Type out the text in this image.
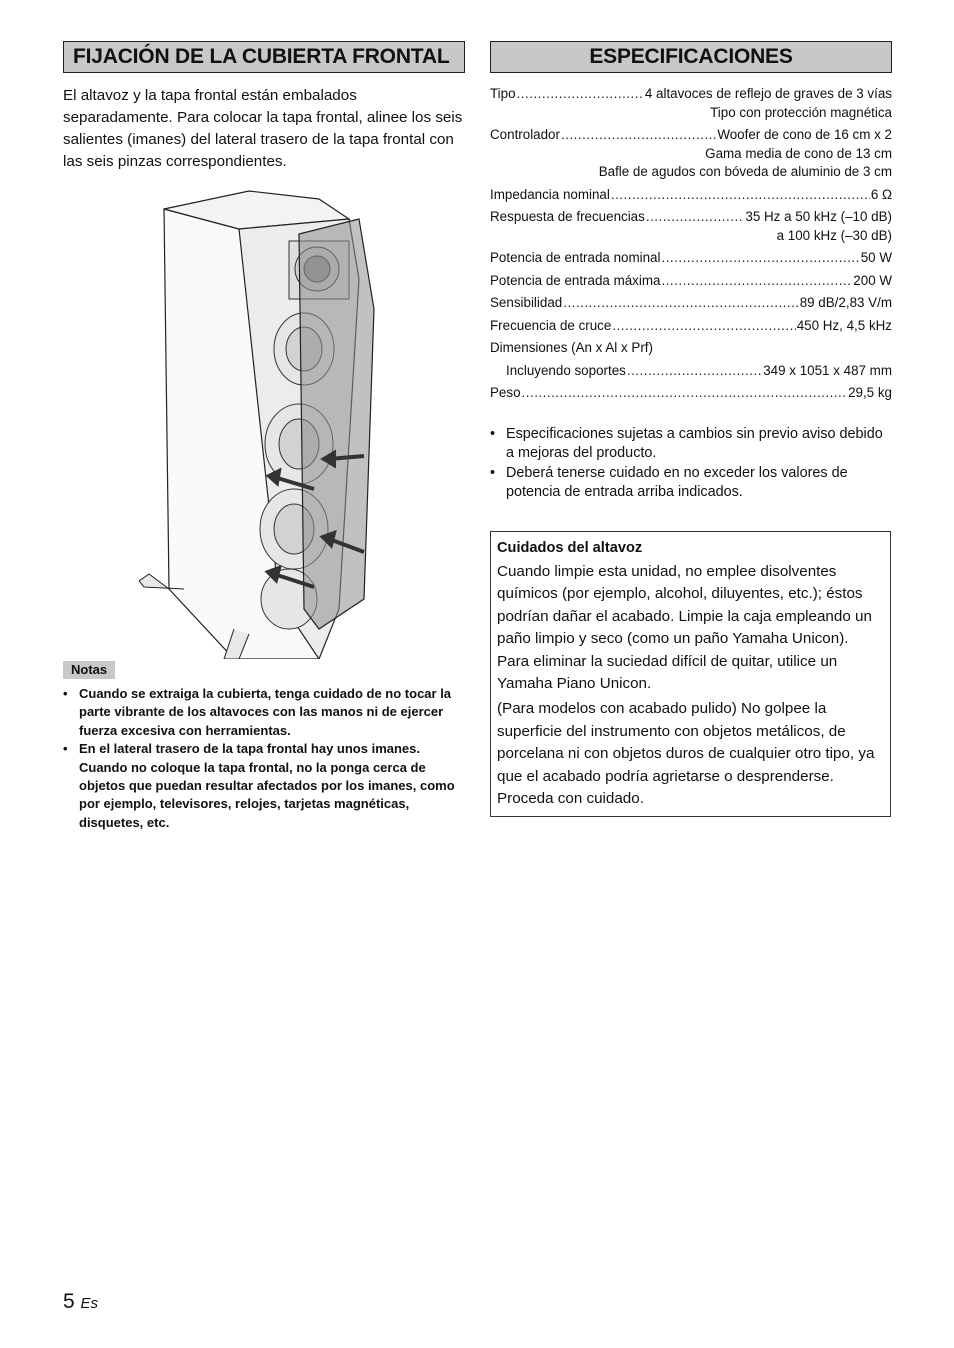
FIJACIÓN DE LA CUBIERTA FRONTAL
El altavoz y la tapa frontal están embalados separadamente. Para colocar la tapa frontal, alinee los seis salientes (imanes) del lateral trasero de la tapa frontal con las seis pinzas correspondientes.
Notas
• Cuando se extraiga la cubierta, tenga cuidado de no tocar la parte vibrante de los altavoces con las manos ni de ejercer fuerza excesiva con herramientas.
• En el lateral trasero de la tapa frontal hay unos imanes. Cuando no coloque la tapa frontal, no la ponga cerca de objetos que puedan resultar afectados por los imanes, como por ejemplo, televisores, relojes, tarjetas magnéticas, disquetes, etc.
ESPECIFICACIONES
Tipo .....	4 altavoces de reflejo de graves de 3 vías
Tipo con protección magnética
Controlador .....	Woofer de cono de 16 cm x 2
Gama media de cono de 13 cm
Bafle de agudos con bóveda de aluminio de 3 cm
Impedancia nominal .....	6 Ω
Respuesta de frecuencias .....	35 Hz a 50 kHz (–10 dB)
a 100 kHz (–30 dB)
Potencia de entrada nominal .....	50 W
Potencia de entrada máxima .....	200 W
Sensibilidad .....	89 dB/2,83 V/m
Frecuencia de cruce .....	450 Hz, 4,5 kHz
Dimensiones (An x Al x Prf)
Incluyendo soportes .....	349 x 1051 x 487 mm
Peso .....	29,5 kg
• Especificaciones sujetas a cambios sin previo aviso debido a mejoras del producto.
• Deberá tenerse cuidado en no exceder los valores de potencia de entrada arriba indicados.
Cuidados del altavoz

Cuando limpie esta unidad, no emplee disolventes químicos (por ejemplo, alcohol, diluyentes, etc.); éstos podrían dañar el acabado. Limpie la caja empleando un paño limpio y seco (como un paño Yamaha Unicon). Para eliminar la suciedad difícil de quitar, utilice un Yamaha Piano Unicon.

(Para modelos con acabado pulido) No golpee la superficie del instrumento con objetos metálicos, de porcelana ni con objetos duros de cualquier otro tipo, ya que el acabado podría agrietarse o desprenderse. Proceda con cuidado.

5 Es
